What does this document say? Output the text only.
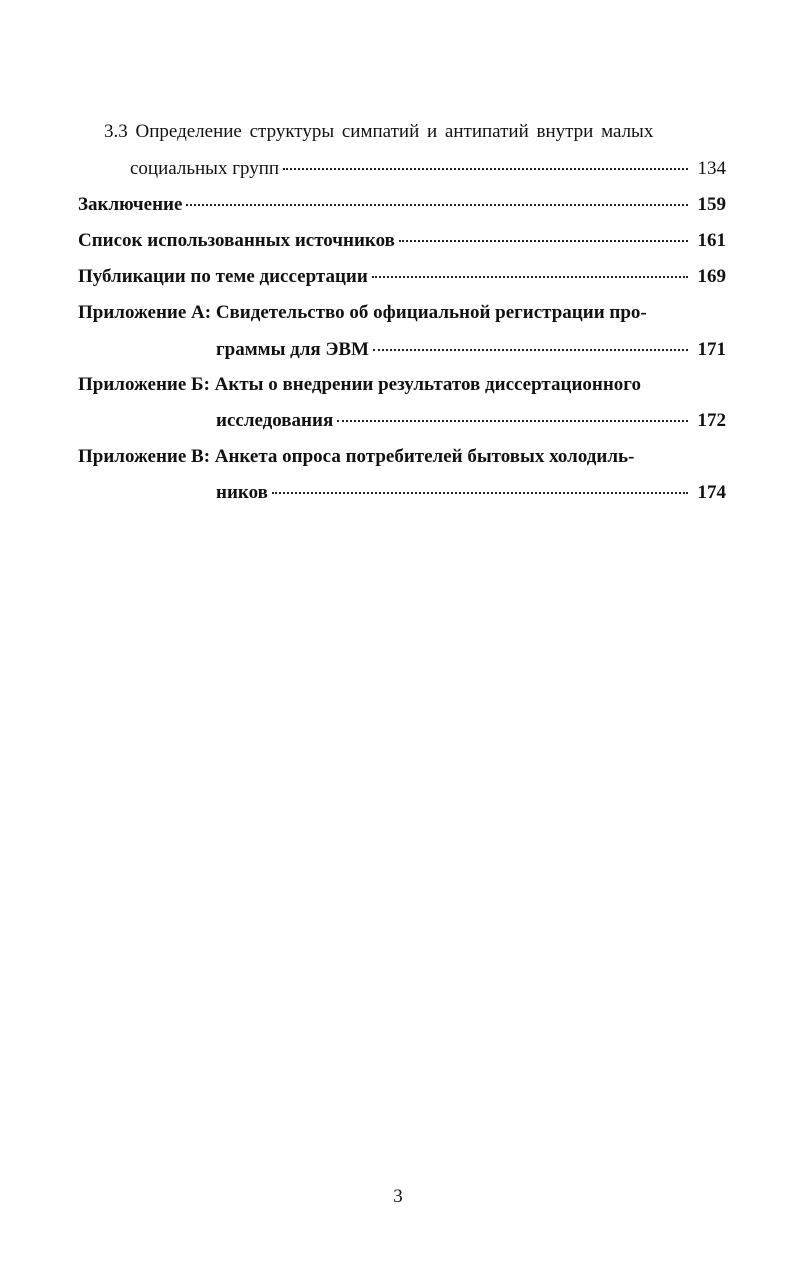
3.3 Определение структуры симпатий и антипатий внутри малых
социальных групп	134
Заключение	159
Список использованных источников	161
Публикации по теме диссертации	169
Приложение А: Свидетельство об официальной регистрации про-
граммы для ЭВМ	171
Приложение Б: Акты о внедрении результатов диссертационного
исследования	172
Приложение В: Анкета опроса потребителей бытовых холодиль-
ников	174
3
